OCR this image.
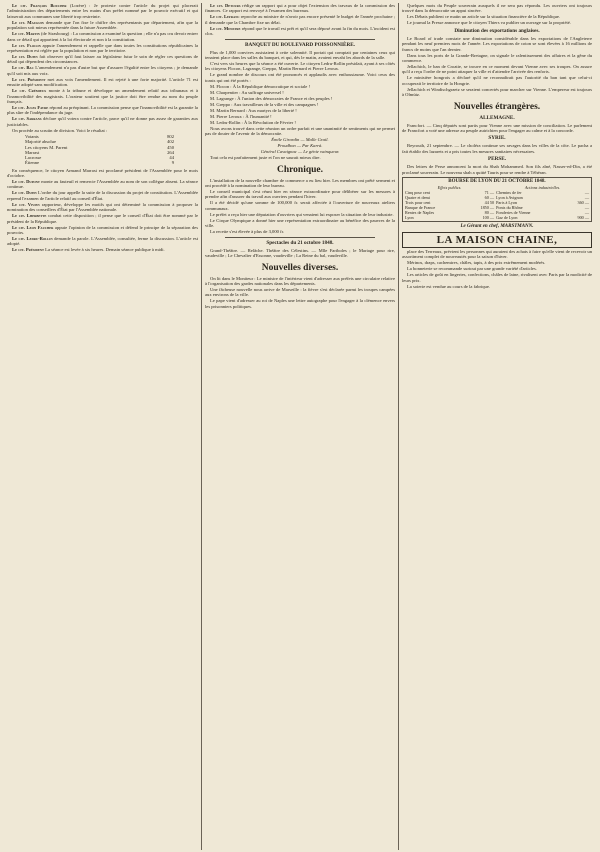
Le cit. François Boucher (Lozère) : Je proteste contre l'article du projet qui placerait l'administration des départements entre les mains d'un préfet nommé par le pouvoir exécutif et qui laisserait aux communes une liberté trop restreinte.

Le cit. Mauguin demande que l'on fixe le chiffre des représentants par département, afin que la population soit mieux représentée dans la future Assemblée.

Le cit. Martin (de Strasbourg) : La commission a examiné la question ; elle n'a pas cru devoir entrer dans ce détail qui appartient à la loi électorale et non à la constitution.

Le cit. Flocon appuie l'amendement et rappelle que dans toutes les constitutions républicaines la représentation est réglée par la population et non par le territoire.

Le cit. Dupin fait observer qu'il faut laisser au législateur futur le soin de régler ces questions de détail qui dépendent des circonstances.

Le cit. Bac L'amendement n'a pas d'autre but que d'assurer l'égalité entre les citoyens ; je demande qu'il soit mis aux voix.

Le cit. Président met aux voix l'amendement. Il est rejeté à une forte majorité. L'article 71 est ensuite adopté sans modification.

Le cit. Crémieux monte à la tribune et développe un amendement relatif aux tribunaux et à l'inamovibilité des magistrats. L'orateur soutient que la justice doit être rendue au nom du peuple français.

Le cit. Jules Favre répond au préopinant. La commission pense que l'inamovibilité est la garantie la plus sûre de l'indépendance du juge.

Le cit. Sarrans déclare qu'il votera contre l'article, parce qu'il ne donne pas assez de garanties aux justiciables.

On procède au scrutin de division. Voici le résultat :

Votants	802
Majorité absolue	402
Les citoyens M. Parent	450
Marrast	264
Lacrosse	44
Étienne	9

En conséquence, le citoyen Armand Marrast est proclamé président de l'Assemblée pour le mois d'octobre.

Le cit. Dupont monte au fauteuil et remercie l'Assemblée au nom de son collègue absent. La séance continue.

Le cit. Dupin L'ordre du jour appelle la suite de la discussion du projet de constitution. L'Assemblée reprend l'examen de l'article relatif au conseil d'État.

Le cit. Vivien rapporteur, développe les motifs qui ont déterminé la commission à proposer la nomination des conseillers d'État par l'Assemblée nationale.

Le cit. Lherbette combat cette disposition ; il pense que le conseil d'État doit être nommé par le président de la République.

Le cit. Leon Faucher appuie l'opinion de la commission et défend le principe de la séparation des pouvoirs.

Le cit. Ledru-Rollin demande la parole. L'Assemblée, consultée, ferme la discussion. L'article est adopté.

Le cit. Président La séance est levée à six heures. Demain séance publique à midi.

Le cit. Detours rédige un rapport qui a pour objet l'extension des travaux de la commission des finances. Ce rapport est renvoyé à l'examen des bureaux.

Le cit. Lefranc reproche au ministre de n'avoir pas encore présenté le budget de l'année prochaine ; il demande que la Chambre fixe un délai.

Le cit. Ministre répond que le travail est prêt et qu'il sera déposé avant la fin du mois. L'incident est clos.

BANQUET DU BOULEVARD POISSONNIÈRE.

Plus de 1,000 convives assistaient à cette solennité. Il portait qui comptait par centaines ceux qui tenaient place dans les salles du banquet, et qui, dès le matin, avaient envahi les abords de la salle.

C'est vers six heures que la séance a été ouverte. Le citoyen Ledru-Rollin présidait, ayant à ses côtés les citoyens Flocon, Lagrange, Greppo, Martin Bernard et Pierre Leroux.

Le grand nombre de discours ont été prononcés et applaudis avec enthousiasme. Voici ceux des toasts qui ont été portés :

M. Flocon : À la République démocratique et sociale !

M. Charpentier : Au suffrage universel !

M. Lagrange : À l'union des démocrates de France et des peuples !

M. Greppo : Aux travailleurs de la ville et des campagnes !

M. Martin Bernard : Aux martyrs de la liberté !

M. Pierre Leroux : À l'humanité !

M. Ledru-Rollin : À la Révolution de Février !

Nous avons trouvé dans cette réunion un ordre parfait et une unanimité de sentiments qui ne permet pas de douter de l'avenir de la démocratie.

Émile Girardin — Malle Grail.

Proudhon — Par Karrà.

Général Cavaignac — Le génie vainqueur.

Tout cela est parfaitement juste et l'on ne saurait mieux dire.

Chronique.

L'installation de la nouvelle chambre de commerce a eu lieu hier. Les membres ont prêté serment et ont procédé à la nomination de leur bureau.

Le conseil municipal s'est réuni hier en séance extraordinaire pour délibérer sur les mesures à prendre afin d'assurer du travail aux ouvriers pendant l'hiver.

Il a été décidé qu'une somme de 100,000 fr. serait affectée à l'ouverture de nouveaux ateliers communaux.

Le préfet a reçu hier une députation d'ouvriers qui venaient lui exposer la situation de leur industrie.

Le Cirque Olympique a donné hier une représentation extraordinaire au bénéfice des pauvres de la ville.

La recette s'est élevée à plus de 3,000 fr.

Spectacles du 21 octobre 1848.

Grand-Théâtre. — Relâche. Théâtre des Célestins. — Mlle Fariboles ; le Mariage pour rire, vaudeville ; Le Chevalier d'Essonne, vaudeville ; La Reine du bal, vaudeville.

Nouvelles diverses.

On lit dans le Moniteur : Le ministre de l'intérieur vient d'adresser aux préfets une circulaire relative à l'organisation des gardes nationales dans les départements.

Une fâcheuse nouvelle nous arrive de Marseille : la fièvre s'est déclarée parmi les troupes campées aux environs de la ville.

Le pape vient d'adresser au roi de Naples une lettre autographe pour l'engager à la clémence envers les prisonniers politiques.

Quelques mots du Peuple souverain auxquels il ne sera pas répondu. Les ouvriers ont toujours trouvé dans la démocratie un appui sincère.

Les Débats publient ce matin un article sur la situation financière de la République.

Le journal la Presse annonce que le citoyen Thiers va publier un ouvrage sur la propriété.

Diminution des exportations anglaises.

Le Board of trade constate une diminution considérable dans les exportations de l'Angleterre pendant les neuf premiers mois de l'année. Les exportations de coton se sont élevées à 16 millions de francs de moins que l'an dernier.

Dans tous les ports de la Grande-Bretagne, on signale le ralentissement des affaires et la gêne du commerce.

Jellachich, le ban de Croatie, se trouve en ce moment devant Vienne avec ses troupes. On assure qu'il a reçu l'ordre de ne point attaquer la ville et d'attendre l'arrivée des renforts.

Le ministère hongrois a déclaré qu'il ne reconnaîtrait pas l'autorité du ban tant que celui-ci occuperait le territoire de la Hongrie.

Jellachich et Windischgraetz se seraient concertés pour marcher sur Vienne. L'empereur est toujours à Olmütz.

Nouvelles étrangères.
ALLEMAGNE.

Francfort. — Cinq députés sont partis pour Vienne avec une mission de conciliation. Le parlement de Francfort a voté une adresse au peuple autrichien pour l'engager au calme et à la concorde.

SYRIE.

Beyrouth, 21 septembre. — Le choléra continue ses ravages dans les villes de la côte. Le pacha a fait établir des lazarets et a pris toutes les mesures sanitaires nécessaires.

PERSE.

Des lettres de Perse annoncent la mort du Shah Mohammed. Son fils aîné, Nasser-ed-Din, a été proclamé souverain. Le nouveau shah a quitté Tauris pour se rendre à Téhéran.

BOURSE DE LYON DU 21 OCTOBRE 1848.
Effets publics.		Actions industrielles.	
Cinq pour cent	71 —	Chemins de fer	—
Quatre et demi	60 —	Lyon à Avignon	—
Trois pour cent	44 50	Paris à Lyon	360 —
Banque de France	1850 —	Ponts du Rhône	—
Rentes de Naples	80 —	Fonderies de Vienne	—
Lyon	100 —	Gaz de Lyon	900 —
Le Gérant en chef, MARSTMANN.
LA MAISON CHAINE,

place des Terreaux, prévient les personnes qui auraient des achats à faire qu'elle vient de recevoir un assortiment complet de nouveautés pour la saison d'hiver.

Mérinos, draps, cachemires, châles, tapis, à des prix extrêmement modérés.

La bonneterie se recommande surtout par une grande variété d'articles.

Les articles de goût en lingeries, confections, châles de laine, rivalisent avec Paris par la modicité de leurs prix.

La soierie est vendue au cours de la fabrique.
